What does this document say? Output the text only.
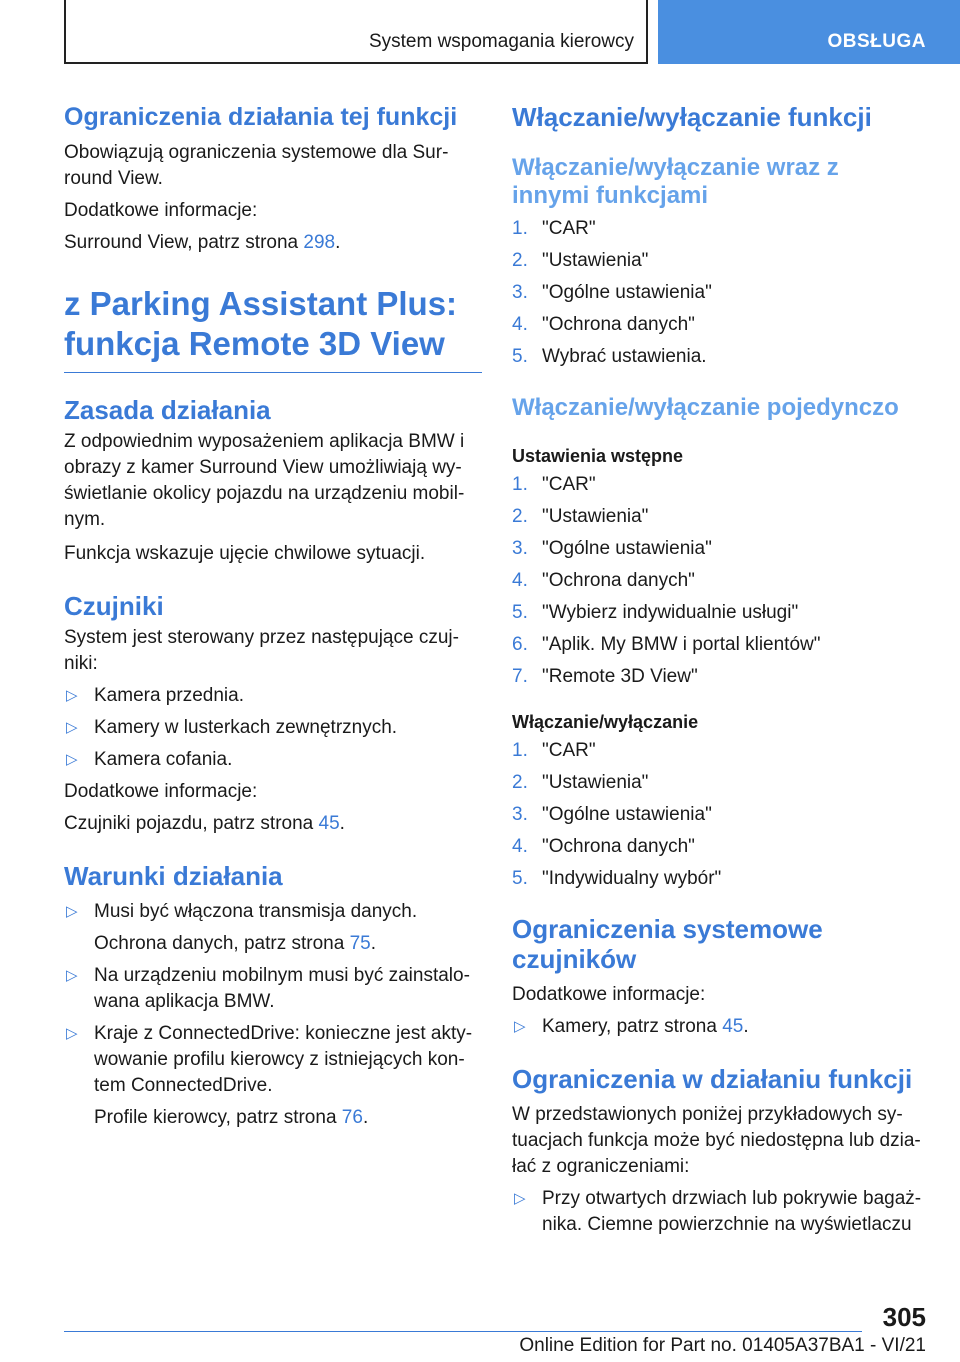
System wspomagania kierowcy	OBSŁUGA
Ograniczenia działania tej funkcji

Obowiązują ograniczenia systemowe dla Sur-round View.

Dodatkowe informacje:

Surround View, patrz strona 298.

z Parking Assistant Plus:
funkcja Remote 3D View
Zasada działania

Z odpowiednim wyposażeniem aplikacja BMW i obrazy z kamer Surround View umożliwiają wy-świetlanie okolicy pojazdu na urządzeniu mobil-nym.

Funkcja wskazuje ujęcie chwilowe sytuacji.

Czujniki

System jest sterowany przez następujące czuj-niki:

▷ Kamera przednia.
▷ Kamery w lusterkach zewnętrznych.
▷ Kamera cofania.

Dodatkowe informacje:

Czujniki pojazdu, patrz strona 45.

Warunki działania
▷ Musi być włączona transmisja danych.
Ochrona danych, patrz strona 75.
▷ Na urządzeniu mobilnym musi być zainstalo-wana aplikacja BMW.
▷ Kraje z ConnectedDrive: konieczne jest akty-wowanie profilu kierowcy z istniejących kon-tem ConnectedDrive.
Profile kierowcy, patrz strona 76.
Włączanie/wyłączanie funkcji
Włączanie/wyłączanie wraz z innymi funkcjami
1. "CAR"
2. "Ustawienia"
3. "Ogólne ustawienia"
4. "Ochrona danych"
5. Wybrać ustawienia.
Włączanie/wyłączanie pojedynczo

Ustawienia wstępne

1. "CAR"
2. "Ustawienia"
3. "Ogólne ustawienia"
4. "Ochrona danych"
5. "Wybierz indywidualnie usługi"
6. "Aplik. My BMW i portal klientów"
7. "Remote 3D View"

Włączanie/wyłączanie

1. "CAR"
2. "Ustawienia"
3. "Ogólne ustawienia"
4. "Ochrona danych"
5. "Indywidualny wybór"
Ograniczenia systemowe czujników

Dodatkowe informacje:

▷ Kamery, patrz strona 45.
Ograniczenia w działaniu funkcji

W przedstawionych poniżej przykładowych sy-tuacjach funkcja może być niedostępna lub dzia-łać z ograniczeniami:

▷ Przy otwartych drzwiach lub pokrywie bagaż-nika. Ciemne powierzchnie na wyświetlaczu
305
Online Edition for Part no. 01405A37BA1 - VI/21
